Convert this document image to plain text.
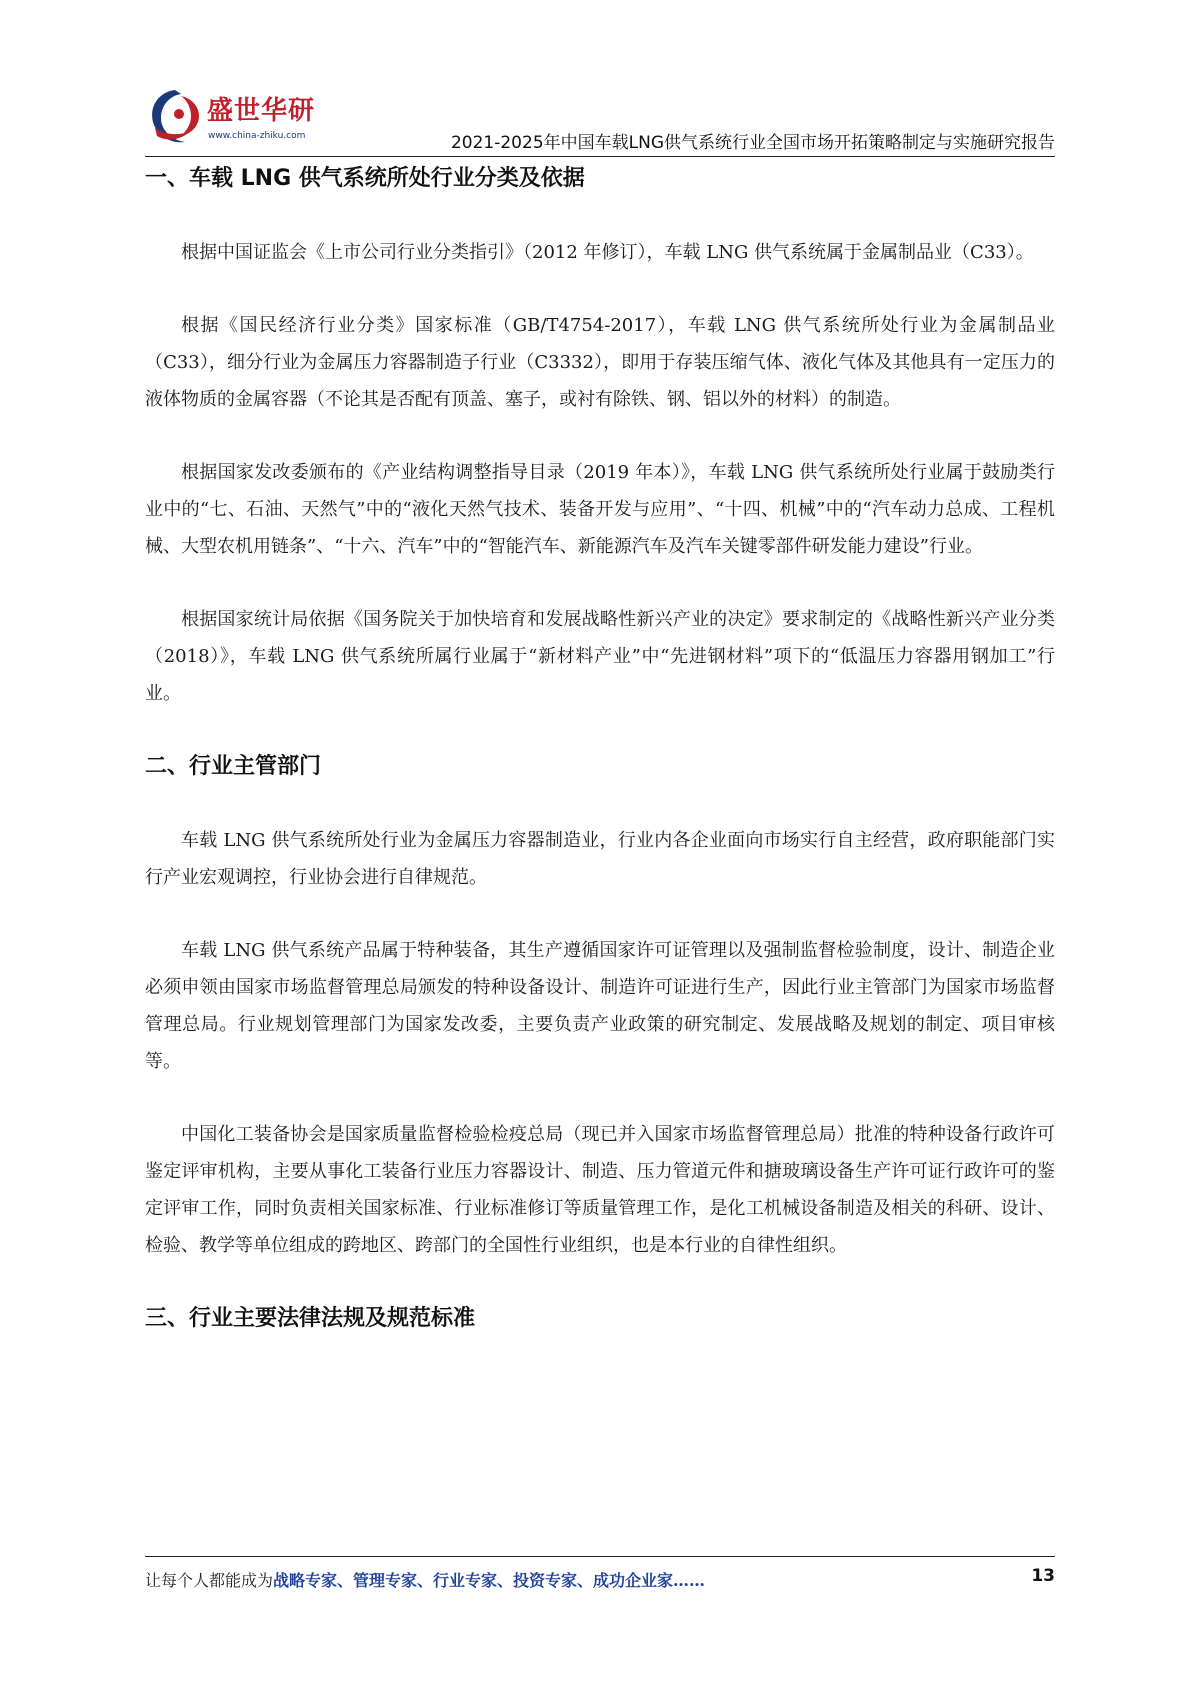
盛世华研
www.china-zhiku.com	2021-2025年中国车载LNG供气系统行业全国市场开拓策略制定与实施研究报告
一、车载 LNG 供气系统所处行业分类及依据

根据中国证监会《上市公司行业分类指引》（2012 年修订），车载 LNG 供气系统属于金属制品业（C33）。

根据《国民经济行业分类》国家标准（GB/T4754-2017），车载 LNG 供气系统所处行业为金属制品业（C33），细分行业为金属压力容器制造子行业（C3332），即用于存装压缩气体、液化气体及其他具有一定压力的液体物质的金属容器（不论其是否配有顶盖、塞子，或衬有除铁、钢、铝以外的材料）的制造。

根据国家发改委颁布的《产业结构调整指导目录（2019 年本）》，车载 LNG 供气系统所处行业属于鼓励类行业中的“七、石油、天然气”中的“液化天然气技术、装备开发与应用”、“十四、机械”中的“汽车动力总成、工程机械、大型农机用链条”、“十六、汽车”中的“智能汽车、新能源汽车及汽车关键零部件研发能力建设”行业。

根据国家统计局依据《国务院关于加快培育和发展战略性新兴产业的决定》要求制定的《战略性新兴产业分类（2018）》，车载 LNG 供气系统所属行业属于“新材料产业”中“先进钢材料”项下的“低温压力容器用钢加工”行业。

二、行业主管部门

车载 LNG 供气系统所处行业为金属压力容器制造业，行业内各企业面向市场实行自主经营，政府职能部门实行产业宏观调控，行业协会进行自律规范。

车载 LNG 供气系统产品属于特种装备，其生产遵循国家许可证管理以及强制监督检验制度，设计、制造企业必须申领由国家市场监督管理总局颁发的特种设备设计、制造许可证进行生产，因此行业主管部门为国家市场监督管理总局。行业规划管理部门为国家发改委，主要负责产业政策的研究制定、发展战略及规划的制定、项目审核等。

中国化工装备协会是国家质量监督检验检疫总局（现已并入国家市场监督管理总局）批准的特种设备行政许可鉴定评审机构，主要从事化工装备行业压力容器设计、制造、压力管道元件和搪玻璃设备生产许可证行政许可的鉴定评审工作，同时负责相关国家标准、行业标准修订等质量管理工作，是化工机械设备制造及相关的科研、设计、检验、教学等单位组成的跨地区、跨部门的全国性行业组织，也是本行业的自律性组织。

三、行业主要法律法规及规范标准
让每个人都能成为战略专家、管理专家、行业专家、投资专家、成功企业家……	13
